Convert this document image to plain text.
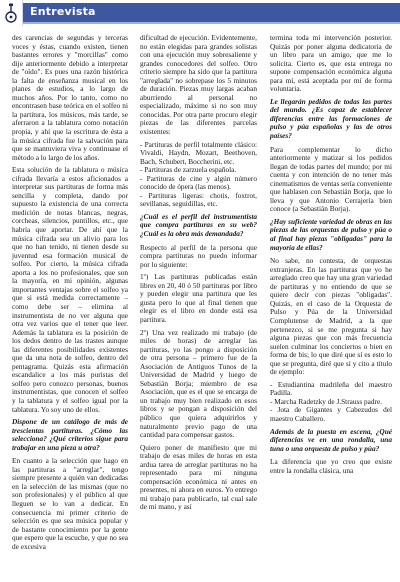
Entrevista

des carencias de segundas y terceras voces y éstas, cuando existen, tienen bastantes errores y "morcillas" como dije anteriormente debido a interpretar de "oído". Es pues una razón histórica la falta de enseñanza musical en los planes de estudios, a lo largo de muchos años. Por lo tanto, como no encontrasen base teórica en el solfeo ni la partitura, los músicos, más tarde, se aferraron a la tablatura como notación propia, y ahí que la escritura de ésta a la música cifrada fue la salvación para que se mantuviera viva y continuase el método a lo largo de los años.

Esta solución de la tablatura o música cifrada llevaría a estos aficionados a interpretar sus partituras de forma más sencilla y completa, dando por supuesto la existencia de una correcta medición de notas blancas, negras, corcheas, silencios, puntillos, etc., que habría que aportar. De ahí que la música cifrada sea un alivio para los que no han tenido, ni tienen desde su juventud esa formación musical de solfeo. Por cierto, la música cifrada aporta a los no profesionales, que son la mayoría, en mi opinión, algunas importantes ventajas sobre el solfeo ya que si está medida correctamente – como debe ser – elimina al instrumentista de no ver alguna que otra vez varios que el tener que leer. Además la tablatura es la posición de los dedos dentro de las trastes aunque las diferentes posibilidades existentes que da una nota de solfeo, dentro del pentagrama. Quizás esta afirmación escandalice a los más puristas del solfeo pero conozco personas, buenos instrumentistas, que conocen el solfeo y la tablatura y el solfeo igual por la tablatura. Yo soy uno de ellos.

Dispone de un catálogo de más de trescientas partituras. ¿Cómo las selecciona? ¿Qué criterios sigue para trabajar en una pieza u otra?

En cuanto a la selección que hago en las partituras a "arreglar", tengo siempre presente a quién van dedicadas en la selección de las mismas (que no son profesionales) y el público al que lleguen se lo van a dedicar. En consecuencia mi primer criterio de selección es que sea música popular y de bastante conocimiento por la gente que espero que la escuche, y que no sea de excesiva

dificultad de ejecución. Evidentemente, no están elegidas para grandes solistas con una ejecución muy sobresaliente y grandes conocedores del solfeo. Otro criterio siempre ha sido que la partitura "arreglada" no sobrepase los 5 minutos de duración. Piezas muy largas acaban aburriendo al personal no especializado, máxime si no son muy conocidas. Por otra parte procuro elegir piezas de las diferentes parcelas existentes:

- Partituras de perfil totalmente clásico: Vivaldi, Haydn, Mozart, Beethoven, Bach, Schubert, Boccherini, etc.
- Partituras de zarzuela española.
- Partituras de cine y algún número conocido de ópera (las menos).
- Partituras ligeras: chotis, foxtrot, sevillanas, seguidillas, etc.

¿Cuál es el perfil del instrumentista que compra partituras en su web? ¿Cuál es la obra más demandada?

Respecto al perfil de la persona que compra partituras no puedo informar por lo siguiente:

1º) Las partituras publicadas están libres en 20, 40 ó 50 partituras por libro y pueden elegir una partitura que les gusta pero lo que al final tienen que elegir es el libro en donde está esa partitura.

2º) Una vez realizado mi trabajo (de miles de horas) de arreglar las partituras, yo las pongo a disposición de otra persona – primero fue de la Asociación de Antiguos Tunos de la Universidad de Madrid y luego de Sebastián Borja; miembro de esa Asociación, que es el que se encarga de un trabajo muy bien realizado en esos libros y se pongan a disposición del público que quiera adquirirlos y naturalmente previo pago de una cantidad para compensar gastos.

Quiero poner de manifiesto que mi trabajo de esas miles de horas en esta ardua tarea de arreglar partituras no ha representado para mí ninguna compensación económica ni antes en presentes, ni ahora en euros. Yo entrego mi trabajo para publicarlo, tal cual sale de mi mano, y así

termina toda mi intervención posterior. Quizás por poner alguna dedicatoria de un libro para un amigo, que me lo solicita. Cierto es, que esta entrega no supone compensación económica alguna para mí, está aceptada por mí de forma voluntaria.

Le llegarán pedidos de todas las partes del mundo. ¿Es capaz de establecer diferencias entre las formaciones de pulso y púa españolas y las de otros países?

Para complementar lo dicho anteriormente y matizar si los pedidos llegan de todas partes del mundo; por mi cuenta y con intención de no tener más cinematismos de ventas sería conveniente que hablasen con Sebastián Borja, que lo lleva y que Antonio Cerrajería bien conoce (a Sebastián Borja).

¿Hay suficiente variedad de obras en las piezas de las orquestas de pulso y púa o al final hay piezas "obligadas" para la mayoría de ellas?

No sabe, no contesta, de orquestas extranjeras. En las partituras que yo he arreglado creo que hay una gran variedad de partituras y no entiendo de que se quiere decir con piezas "obligadas". Quizás, en el caso de la Orquesta de Pulso y Púa de la Universidad Complutense de Madrid, a la que pertenezco, si se me pregunta si hay alguna piezas que con más frecuencia suelen culminar los conciertos o bien en forma de bis; lo que diré que sí es esto lo que se pregunta, diré que sí y cito a título de ejemplo:

- Estudiantina madrileña del maestro Padilla.
- Marcha Radetzky de J.Strauss padre.
- Jota de Gigantes y Cabezudos del maestro Caballero.

Además de la puesta en escena, ¿Qué diferencias ve en una rondalla, una tuna o una orquesta de pulso y púa?

La diferencia que yo creo que existe entre la rondalla clásica, una
